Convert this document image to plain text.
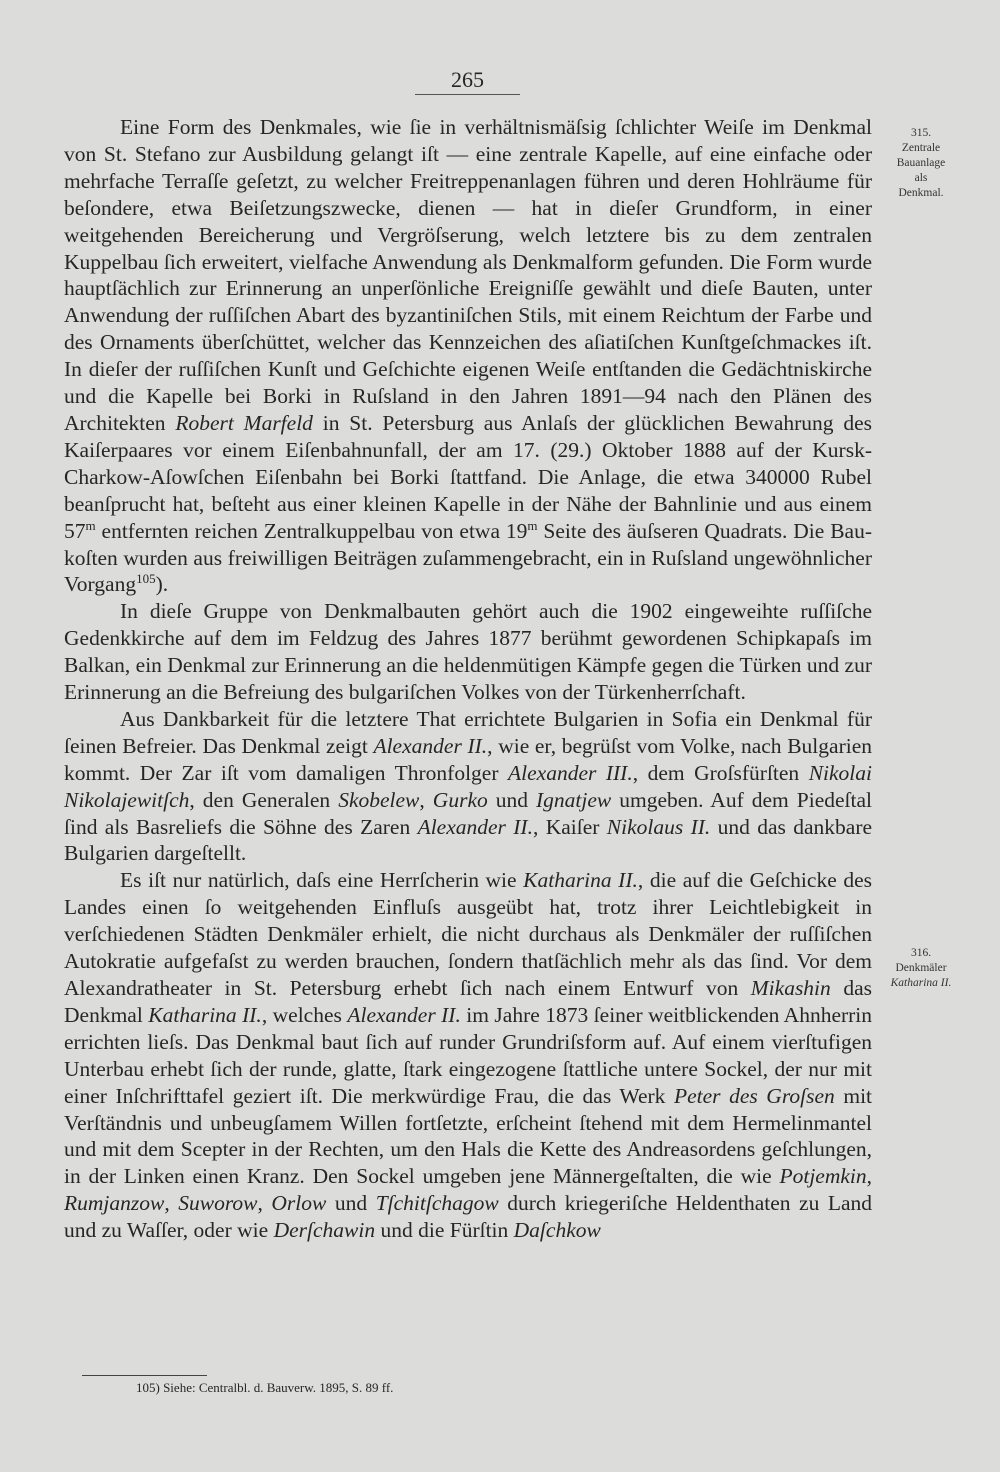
265
315.
Zentrale
Bauanlage
als
Denkmal.
316.
Denkmäler
Katharina II.

Eine Form des Denkmales, wie ſie in verhältnismäſsig ſchlichter Weiſe im Denkmal von St. Stefano zur Ausbildung gelangt iſt — eine zentrale Kapelle, auf eine einfache oder mehrfache Terraſſe geſetzt, zu welcher Freitreppenanlagen führen und deren Hohlräume für beſondere, etwa Beiſetzungszwecke, dienen — hat in dieſer Grundform, in einer weitgehenden Bereicherung und Vergröſserung, welch letztere bis zu dem zentralen Kuppelbau ſich erweitert, vielfache Anwendung als Denkmalform gefunden. Die Form wurde hauptſächlich zur Erinnerung an unperſönliche Ereigniſſe gewählt und dieſe Bauten, unter Anwendung der ruſſiſchen Abart des byzantiniſchen Stils, mit einem Reichtum der Farbe und des Ornaments überſchüttet, welcher das Kennzeichen des aſiatiſchen Kunſtgeſchmackes iſt. In dieſer der ruſſiſchen Kunſt und Geſchichte eigenen Weiſe entſtanden die Gedächtniskirche und die Kapelle bei Borki in Ruſsland in den Jahren 1891—94 nach den Plänen des Architekten Robert Marfeld in St. Petersburg aus Anlaſs der glücklichen Bewahrung des Kaiſerpaares vor einem Eiſenbahnunfall, der am 17. (29.) Oktober 1888 auf der Kursk-Charkow-Aſowſchen Eiſenbahn bei Borki ſtattfand. Die Anlage, die etwa 340000 Rubel beanſprucht hat, beſteht aus einer kleinen Kapelle in der Nähe der Bahnlinie und aus einem 57$^m$ entfernten reichen Zentralkuppelbau von etwa 19$^m$ Seite des äuſseren Quadrats. Die Baukoſten wurden aus freiwilligen Beiträgen zuſammengebracht, ein in Ruſsland ungewöhnlicher Vorgang$^{105}$).

In dieſe Gruppe von Denkmalbauten gehört auch die 1902 eingeweihte ruſſiſche Gedenkkirche auf dem im Feldzug des Jahres 1877 berühmt gewordenen Schipkapaſs im Balkan, ein Denkmal zur Erinnerung an die heldenmütigen Kämpfe gegen die Türken und zur Erinnerung an die Befreiung des bulgariſchen Volkes von der Türkenherrſchaft.

Aus Dankbarkeit für die letztere That errichtete Bulgarien in Sofia ein Denkmal für ſeinen Befreier. Das Denkmal zeigt Alexander II., wie er, begrüſst vom Volke, nach Bulgarien kommt. Der Zar iſt vom damaligen Thronfolger Alexander III., dem Groſsfürſten Nikolai Nikolajewitſch, den Generalen Skobelew, Gurko und Ignatjew umgeben. Auf dem Piedeſtal ſind als Basreliefs die Söhne des Zaren Alexander II., Kaiſer Nikolaus II. und das dankbare Bulgarien dargeſtellt.

Es iſt nur natürlich, daſs eine Herrſcherin wie Katharina II., die auf die Geſchicke des Landes einen ſo weitgehenden Einfluſs ausgeübt hat, trotz ihrer Leichtlebigkeit in verſchiedenen Städten Denkmäler erhielt, die nicht durchaus als Denkmäler der ruſſiſchen Autokratie aufgefaſst zu werden brauchen, ſondern thatſächlich mehr als das ſind. Vor dem Alexandratheater in St. Petersburg erhebt ſich nach einem Entwurf von Mikashin das Denkmal Katharina II., welches Alexander II. im Jahre 1873 ſeiner weitblickenden Ahnherrin errichten lieſs. Das Denkmal baut ſich auf runder Grundriſsform auf. Auf einem vierſtufigen Unterbau erhebt ſich der runde, glatte, ſtark eingezogene ſtattliche untere Sockel, der nur mit einer Inſchrifttafel geziert iſt. Die merkwürdige Frau, die das Werk Peter des Groſsen mit Verſtändnis und unbeugſamem Willen fortſetzte, erſcheint ſtehend mit dem Hermelinmantel und mit dem Scepter in der Rechten, um den Hals die Kette des Andreasordens geſchlungen, in der Linken einen Kranz. Den Sockel umgeben jene Männergeſtalten, die wie Potjemkin, Rumjanzow, Suworow, Orlow und Tſchitſchagow durch kriegeriſche Heldenthaten zu Land und zu Waſſer, oder wie Derſchawin und die Fürſtin Daſchkow

105) Siehe: Centralbl. d. Bauverw. 1895, S. 89 ff.
